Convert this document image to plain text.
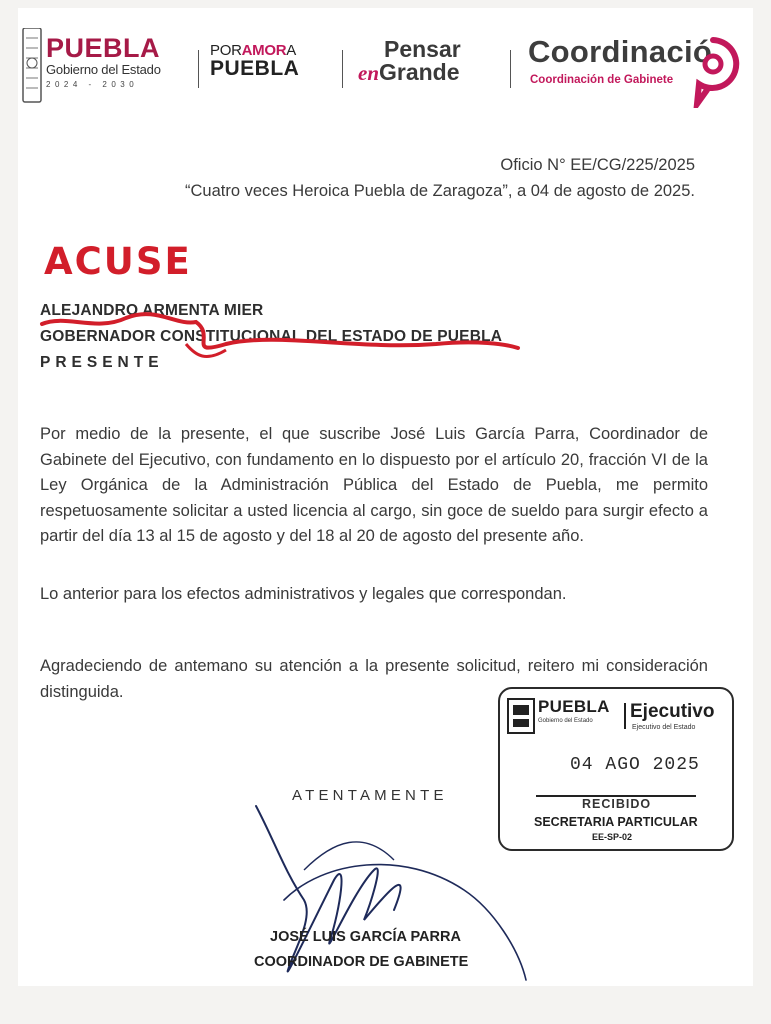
PUEBLA
Gobierno del Estado
2024 - 2030
PORAMORA
PUEBLA
Pensar
enGrande
Coordinació
Coordinación de Gabinete
Oficio N° EE/CG/225/2025
“Cuatro veces Heroica Puebla de Zaragoza”, a 04 de agosto de 2025.
ACUSE
ALEJANDRO ARMENTA MIER
GOBERNADOR CONSTITUCIONAL DEL ESTADO DE PUEBLA
PRESENTE
Por medio de la presente, el que suscribe José Luis García Parra, Coordinador de Gabinete del Ejecutivo, con fundamento en lo dispuesto por el artículo 20, fracción VI de la Ley Orgánica de la Administración Pública del Estado de Puebla, me permito respetuosamente solicitar a usted licencia al cargo, sin goce de sueldo para surgir efecto a partir del día 13 al 15 de agosto y del 18 al 20 de agosto del presente año.
Lo anterior para los efectos administrativos y legales que correspondan.
Agradeciendo de antemano su atención a la presente solicitud, reitero mi consideración distinguida.
PUEBLA
Gobierno del Estado Ejecutivo
Ejecutivo del Estado
04 AGO 2025
RECIBIDO
SECRETARIA PARTICULAR
EE-SP-02
ATENTAMENTE
JOSÉ LUIS GARCÍA PARRA
COORDINADOR DE GABINETE
